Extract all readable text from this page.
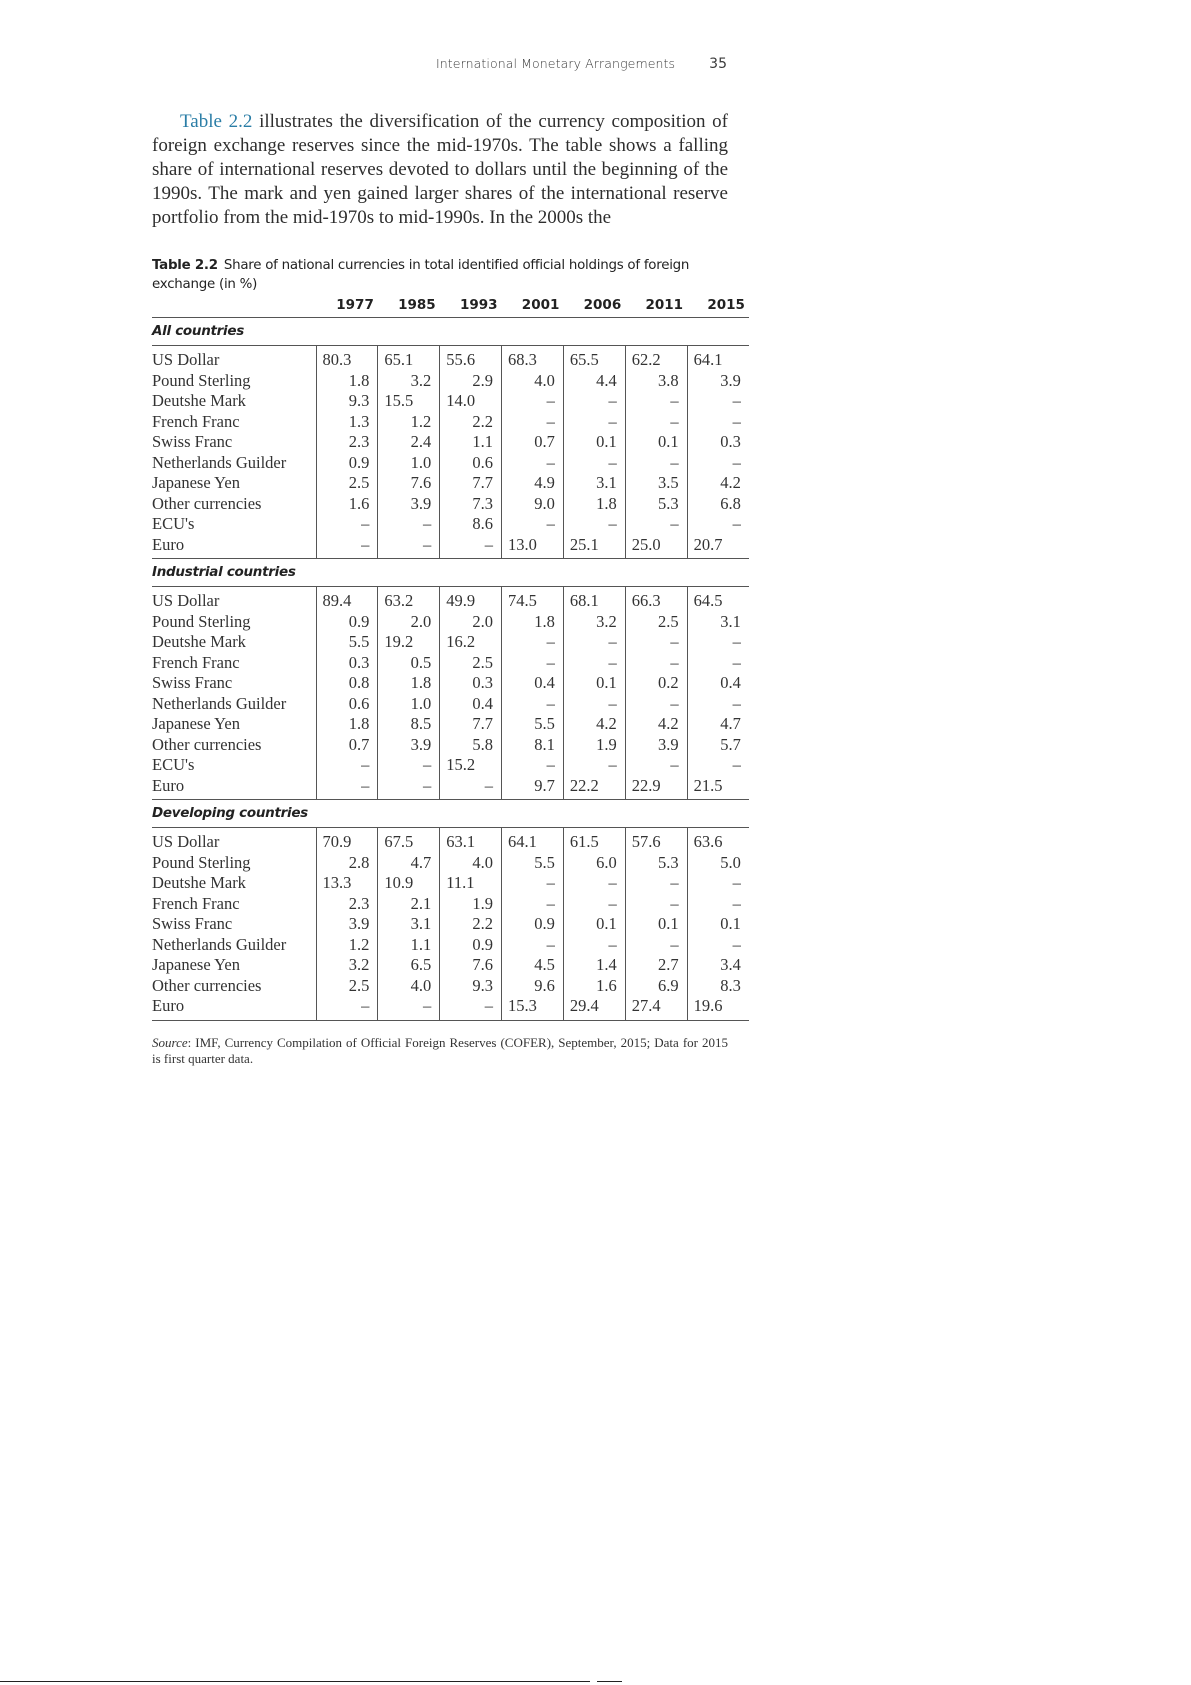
International Monetary Arrangements 35

Table 2.2 illustrates the diversification of the currency composition of foreign exchange reserves since the mid-1970s. The table shows a falling share of international reserves devoted to dollars until the beginning of the 1990s. The mark and yen gained larger shares of the international reserve portfolio from the mid-1970s to mid-1990s. In the 2000s the

Table 2.2 Share of national currencies in total identified official holdings of foreign exchange (in %)
	1977	1985	1993	2001	2006	2011	2015
All countries							
US Dollar	80.3	65.1	55.6	68.3	65.5	62.2	64.1
Pound Sterling	1.8	3.2	2.9	4.0	4.4	3.8	3.9
Deutshe Mark	9.3	15.5	14.0	–	–	–	–
French Franc	1.3	1.2	2.2	–	–	–	–
Swiss Franc	2.3	2.4	1.1	0.7	0.1	0.1	0.3
Netherlands Guilder	0.9	1.0	0.6	–	–	–	–
Japanese Yen	2.5	7.6	7.7	4.9	3.1	3.5	4.2
Other currencies	1.6	3.9	7.3	9.0	1.8	5.3	6.8
ECU's	–	–	8.6	–	–	–	–
Euro	–	–	–	13.0	25.1	25.0	20.7
Industrial countries							
US Dollar	89.4	63.2	49.9	74.5	68.1	66.3	64.5
Pound Sterling	0.9	2.0	2.0	1.8	3.2	2.5	3.1
Deutshe Mark	5.5	19.2	16.2	–	–	–	–
French Franc	0.3	0.5	2.5	–	–	–	–
Swiss Franc	0.8	1.8	0.3	0.4	0.1	0.2	0.4
Netherlands Guilder	0.6	1.0	0.4	–	–	–	–
Japanese Yen	1.8	8.5	7.7	5.5	4.2	4.2	4.7
Other currencies	0.7	3.9	5.8	8.1	1.9	3.9	5.7
ECU's	–	–	15.2	–	–	–	–
Euro	–	–	–	9.7	22.2	22.9	21.5
Developing countries							
US Dollar	70.9	67.5	63.1	64.1	61.5	57.6	63.6
Pound Sterling	2.8	4.7	4.0	5.5	6.0	5.3	5.0
Deutshe Mark	13.3	10.9	11.1	–	–	–	–
French Franc	2.3	2.1	1.9	–	–	–	–
Swiss Franc	3.9	3.1	2.2	0.9	0.1	0.1	0.1
Netherlands Guilder	1.2	1.1	0.9	–	–	–	–
Japanese Yen	3.2	6.5	7.6	4.5	1.4	2.7	3.4
Other currencies	2.5	4.0	9.3	9.6	1.6	6.9	8.3
Euro	–	–	–	15.3	29.4	27.4	19.6

Source: IMF, Currency Compilation of Official Foreign Reserves (COFER), September, 2015; Data for 2015 is first quarter data.
